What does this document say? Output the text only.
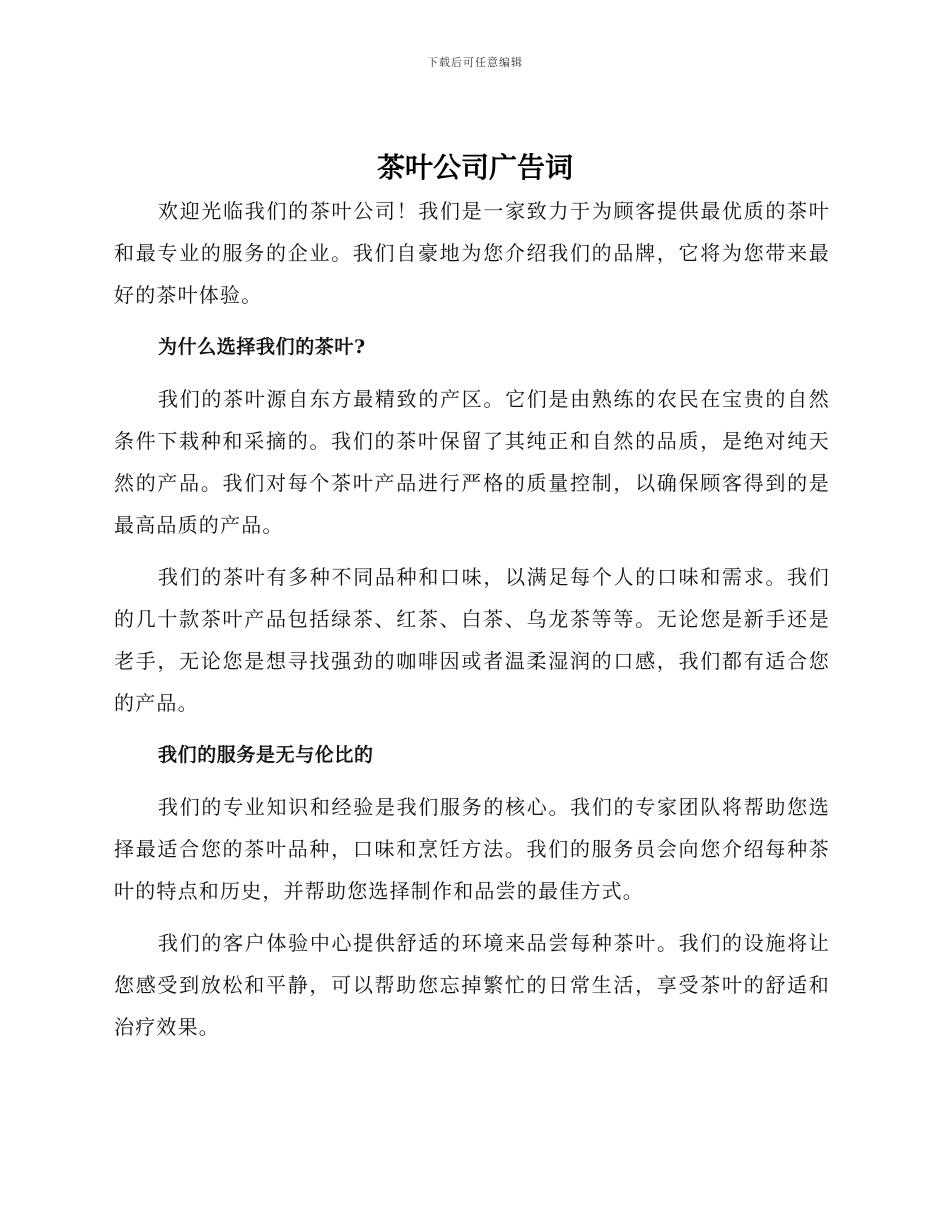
下载后可任意编辑
茶叶公司广告词

欢迎光临我们的茶叶公司！我们是一家致力于为顾客提供最优质的茶叶和最专业的服务的企业。我们自豪地为您介绍我们的品牌，它将为您带来最好的茶叶体验。

为什么选择我们的茶叶?

我们的茶叶源自东方最精致的产区。它们是由熟练的农民在宝贵的自然条件下栽种和采摘的。我们的茶叶保留了其纯正和自然的品质，是绝对纯天然的产品。我们对每个茶叶产品进行严格的质量控制，以确保顾客得到的是最高品质的产品。

我们的茶叶有多种不同品种和口味，以满足每个人的口味和需求。我们的几十款茶叶产品包括绿茶、红茶、白茶、乌龙茶等等。无论您是新手还是老手，无论您是想寻找强劲的咖啡因或者温柔湿润的口感，我们都有适合您的产品。

我们的服务是无与伦比的

我们的专业知识和经验是我们服务的核心。我们的专家团队将帮助您选择最适合您的茶叶品种，口味和烹饪方法。我们的服务员会向您介绍每种茶叶的特点和历史，并帮助您选择制作和品尝的最佳方式。

我们的客户体验中心提供舒适的环境来品尝每种茶叶。我们的设施将让您感受到放松和平静，可以帮助您忘掉繁忙的日常生活，享受茶叶的舒适和治疗效果。
